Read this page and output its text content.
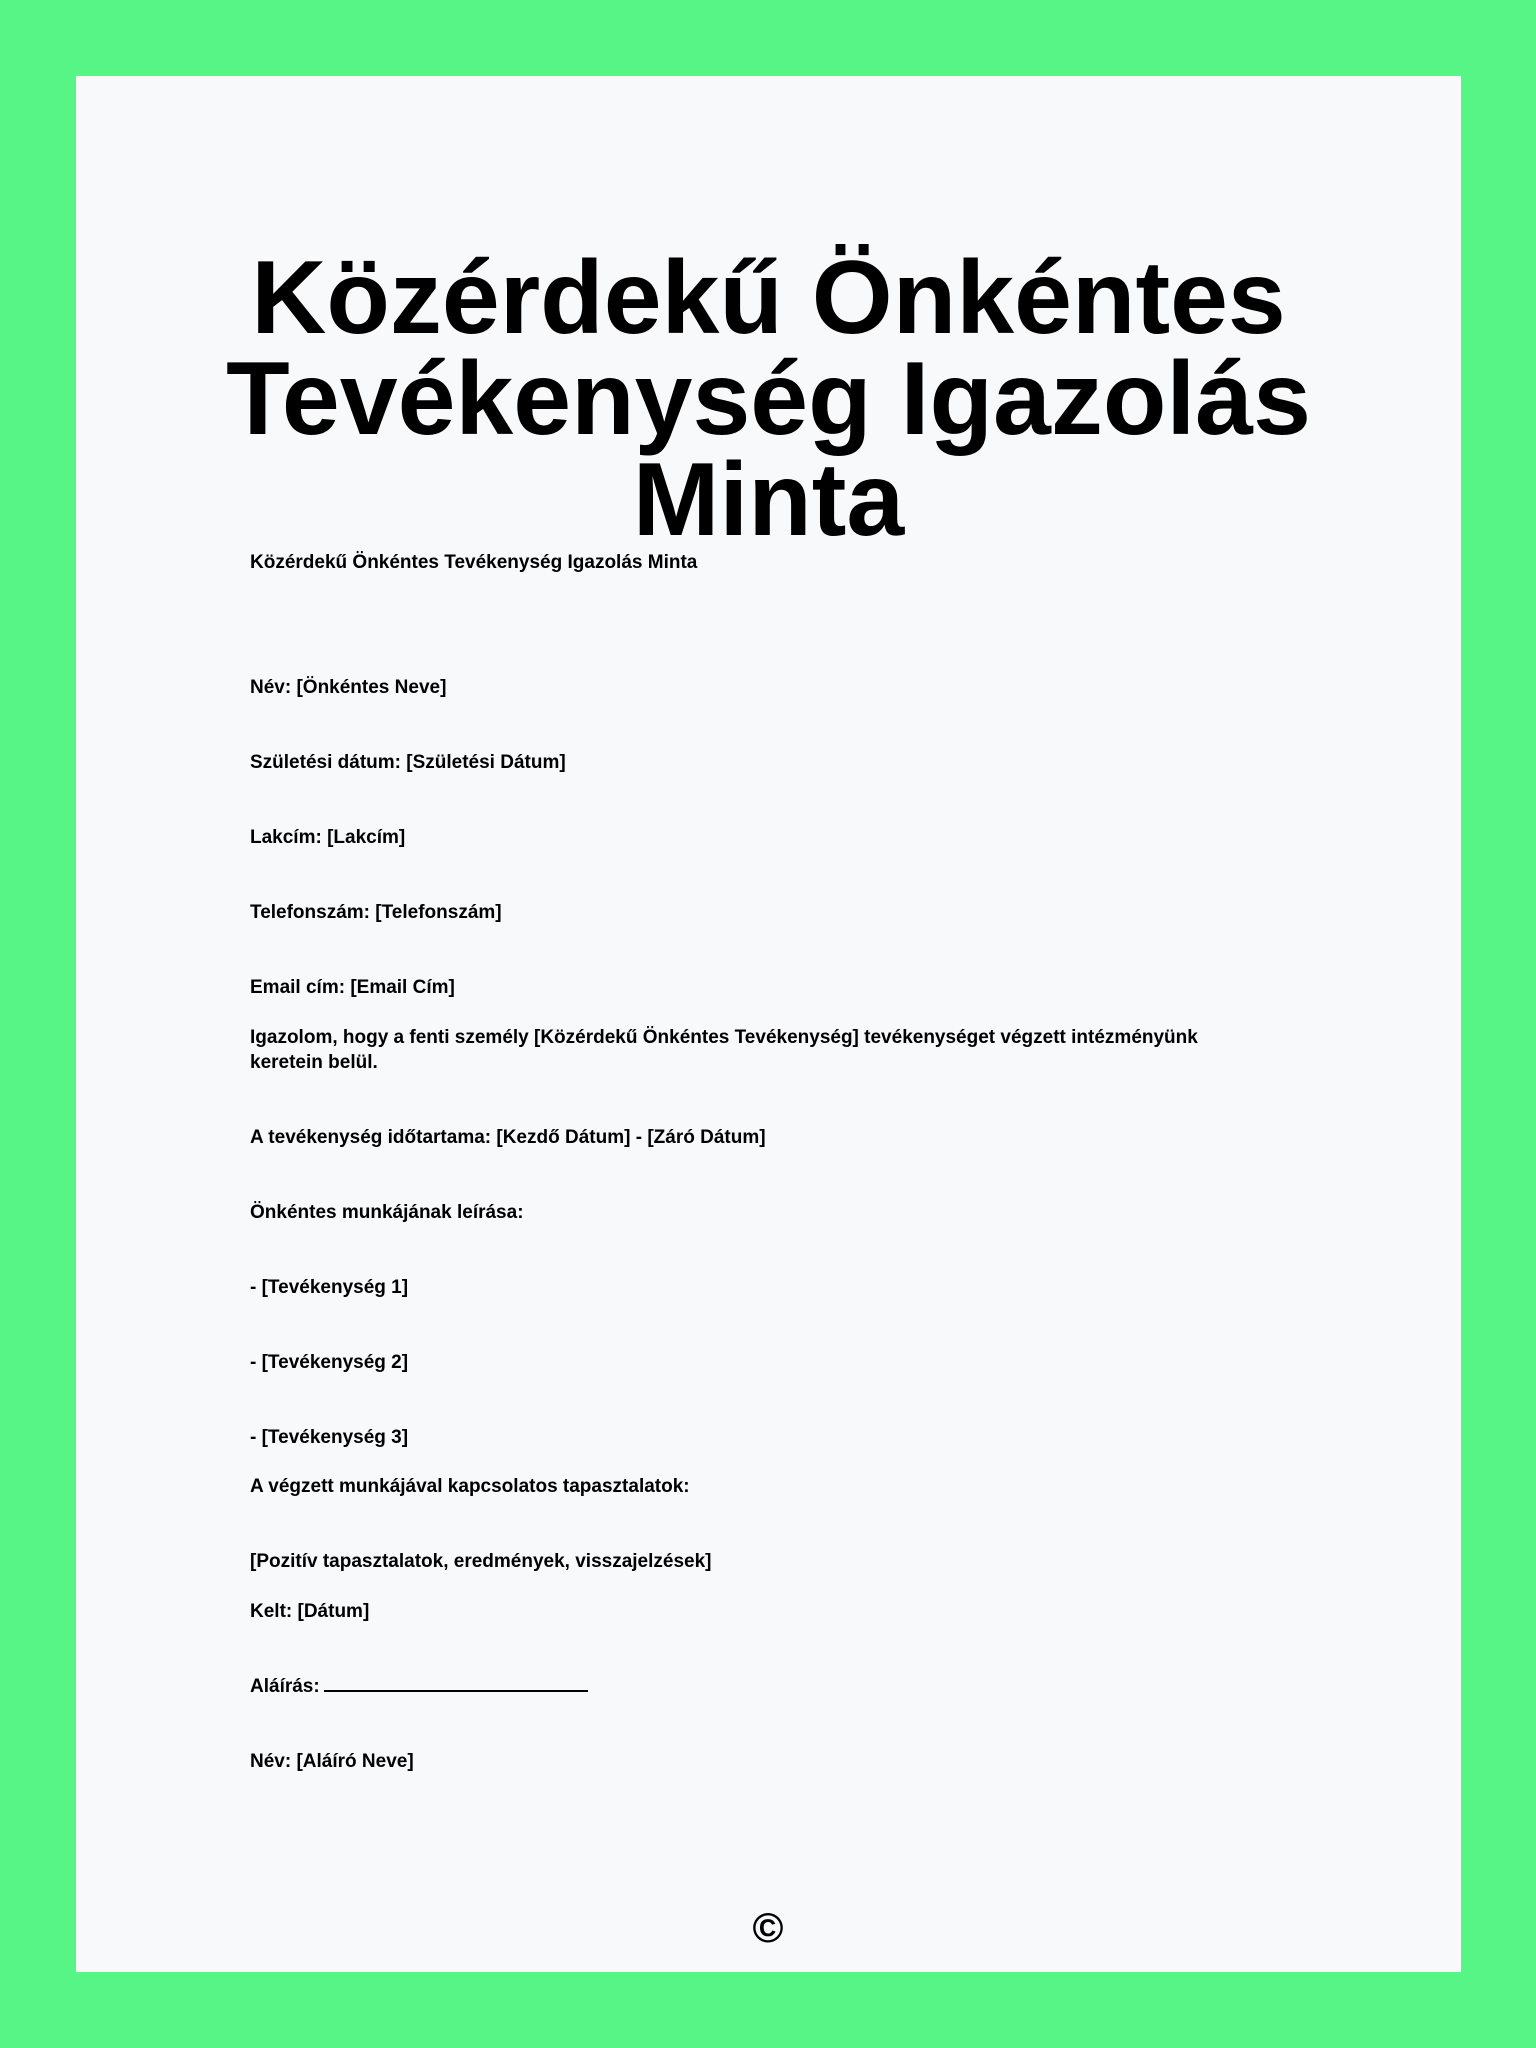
Közérdekű Önkéntes Tevékenység Igazolás Minta

Közérdekű Önkéntes Tevékenység Igazolás Minta

Név: [Önkéntes Neve]

Születési dátum: [Születési Dátum]

Lakcím: [Lakcím]

Telefonszám: [Telefonszám]

Email cím: [Email Cím]

Igazolom, hogy a fenti személy [Közérdekű Önkéntes Tevékenység] tevékenységet végzett intézményünk keretein belül.

A tevékenység időtartama: [Kezdő Dátum] - [Záró Dátum]

Önkéntes munkájának leírása:

- [Tevékenység 1]

- [Tevékenység 2]

- [Tevékenység 3]

A végzett munkájával kapcsolatos tapasztalatok:

[Pozitív tapasztalatok, eredmények, visszajelzések]

Kelt: [Dátum]

Aláírás:

Név: [Aláíró Neve]

©
